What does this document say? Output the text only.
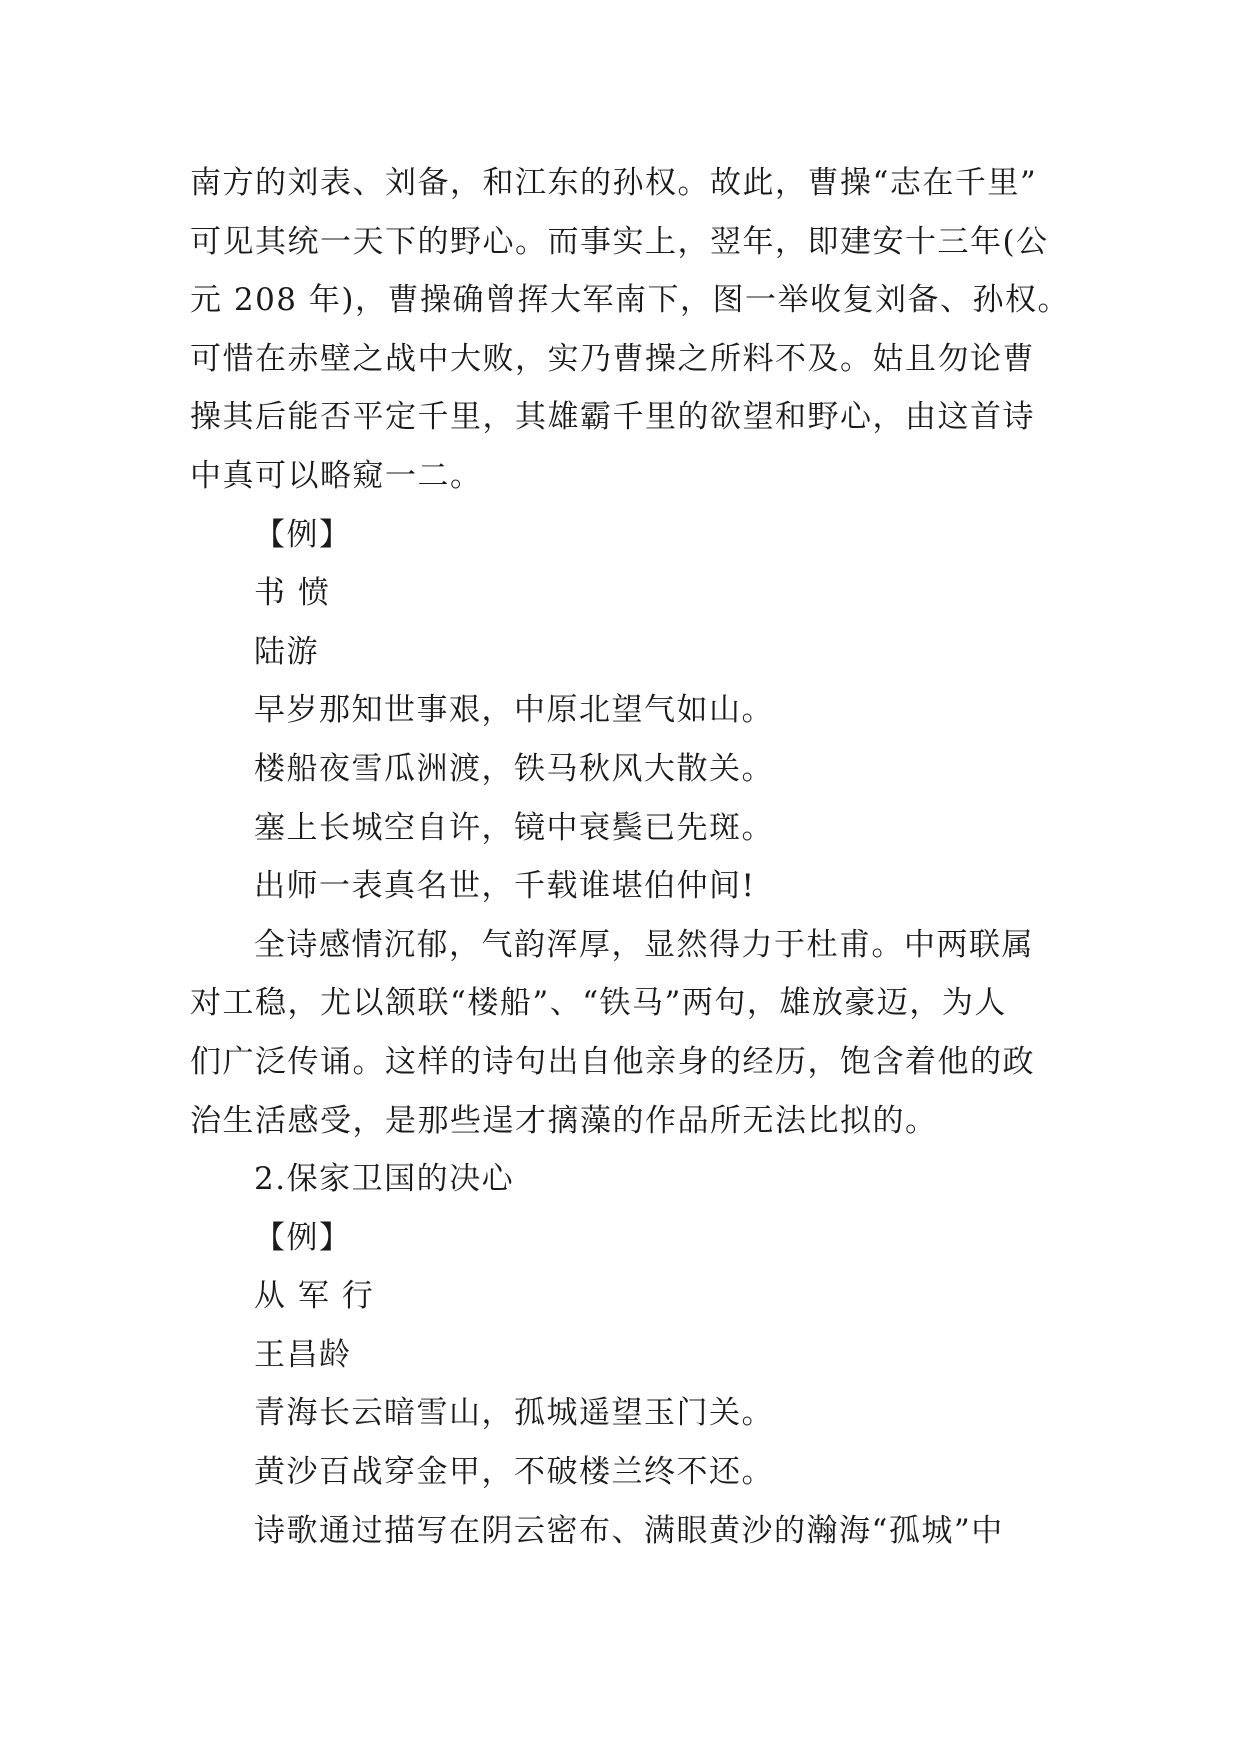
南方的刘表、刘备，和江东的孙权。故此，曹操“志在千里”
可见其统一天下的野心。而事实上，翌年，即建安十三年(公
元 208 年)，曹操确曾挥大军南下，图一举收复刘备、孙权。
可惜在赤壁之战中大败，实乃曹操之所料不及。姑且勿论曹
操其后能否平定千里，其雄霸千里的欲望和野心，由这首诗
中真可以略窥一二。
【例】
书 愤
陆游
早岁那知世事艰，中原北望气如山。
楼船夜雪瓜洲渡，铁马秋风大散关。
塞上长城空自许，镜中衰鬓已先斑。
出师一表真名世，千载谁堪伯仲间!
全诗感情沉郁，气韵浑厚，显然得力于杜甫。中两联属
对工稳，尤以颔联“楼船”、“铁马”两句，雄放豪迈，为人
们广泛传诵。这样的诗句出自他亲身的经历，饱含着他的政
治生活感受，是那些逞才摛藻的作品所无法比拟的。
2.保家卫国的决心
【例】
从 军 行
王昌龄
青海长云暗雪山，孤城遥望玉门关。
黄沙百战穿金甲，不破楼兰终不还。
诗歌通过描写在阴云密布、满眼黄沙的瀚海“孤城”中
